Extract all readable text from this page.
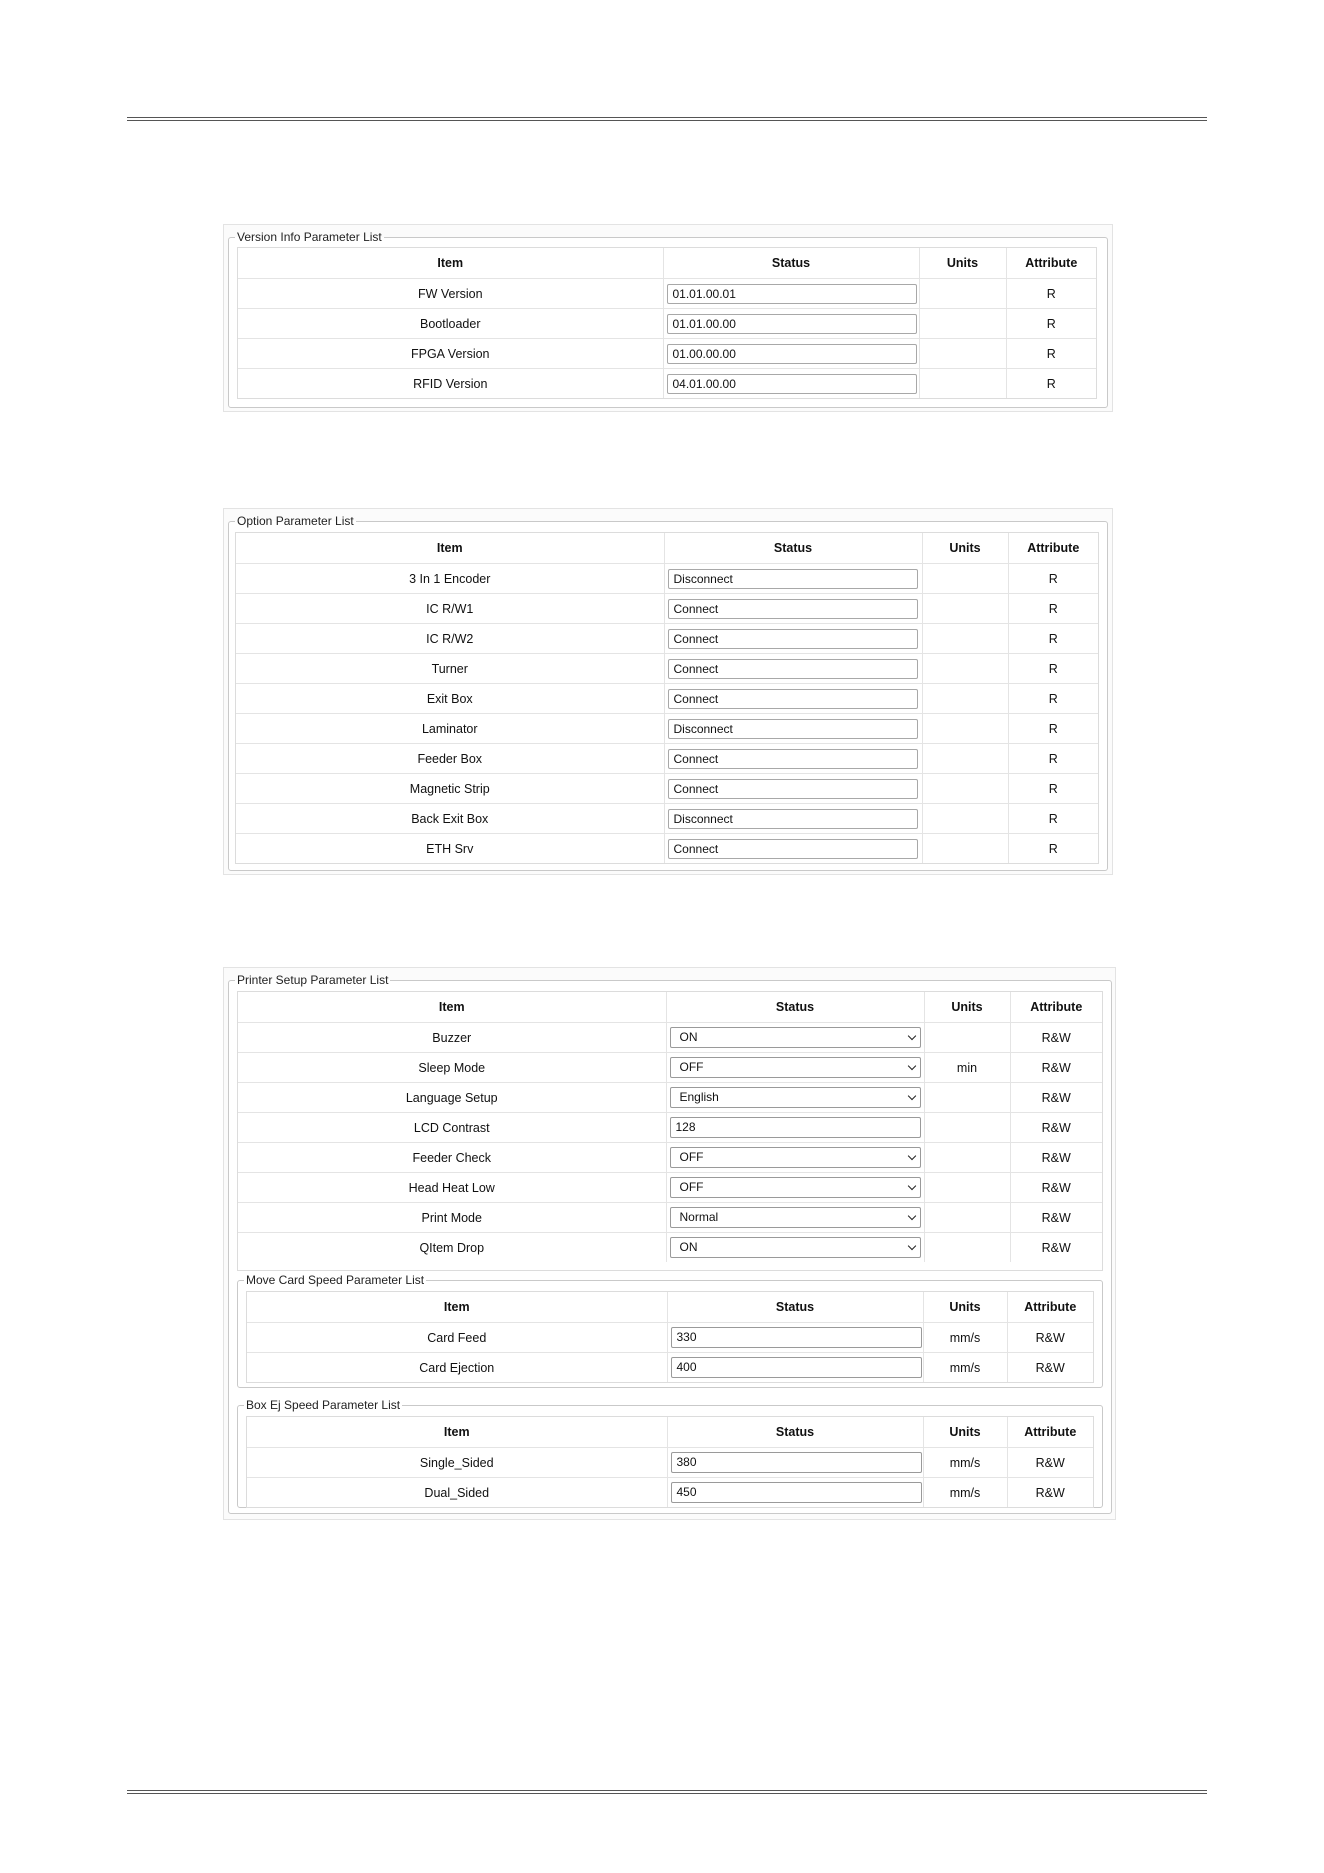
Version Info Parameter List
Item	Status	Units	Attribute
FW Version	01.01.00.01		R
Bootloader	01.01.00.00		R
FPGA Version	01.00.00.00		R
RFID Version	04.01.00.00		R
Option Parameter List
Item	Status	Units	Attribute
3 In 1 Encoder	Disconnect		R
IC R/W1	Connect		R
IC R/W2	Connect		R
Turner	Connect		R
Exit Box	Connect		R
Laminator	Disconnect		R
Feeder Box	Connect		R
Magnetic Strip	Connect		R
Back Exit Box	Disconnect		R
ETH Srv	Connect		R
Printer Setup Parameter List
Item	Status	Units	Attribute
Buzzer	ON		R&W
Sleep Mode	OFF	min	R&W
Language Setup	English		R&W
LCD Contrast	128		R&W
Feeder Check	OFF		R&W
Head Heat Low	OFF		R&W
Print Mode	Normal		R&W
QItem Drop	ON		R&W
Move Card Speed Parameter List
Item	Status	Units	Attribute
Card Feed	330	mm/s	R&W
Card Ejection	400	mm/s	R&W
Box Ej Speed Parameter List
Item	Status	Units	Attribute
Single_Sided	380	mm/s	R&W
Dual_Sided	450	mm/s	R&W
